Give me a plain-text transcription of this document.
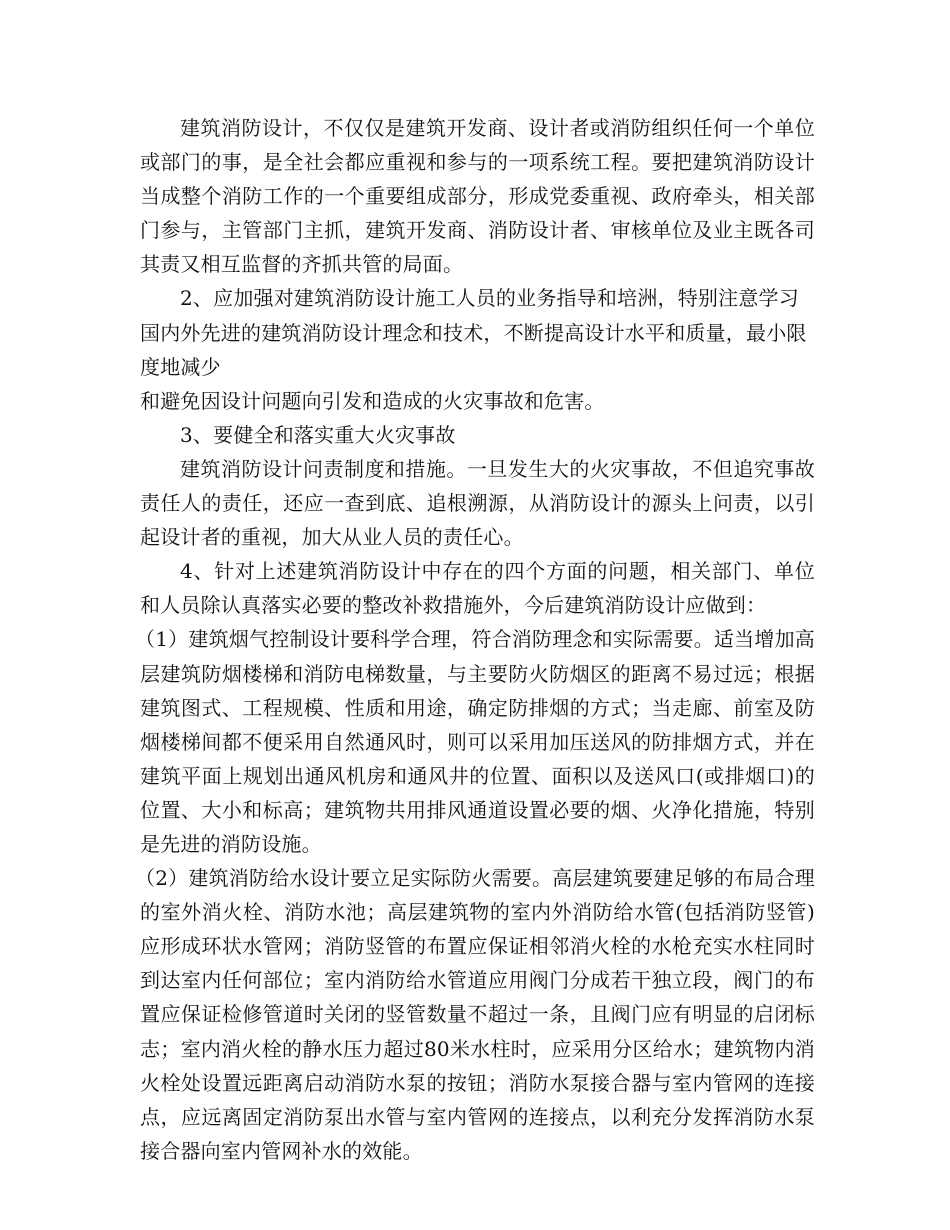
建筑消防设计，不仅仅是建筑开发商、设计者或消防组织任何一个单位或部门的事，是全社会都应重视和参与的一项系统工程。要把建筑消防设计当成整个消防工作的一个重要组成部分，形成党委重视、政府牵头，相关部门参与，主管部门主抓，建筑开发商、消防设计者、审核单位及业主既各司其责又相互监督的齐抓共管的局面。

2、应加强对建筑消防设计施工人员的业务指导和培洲，特别注意学习国内外先进的建筑消防设计理念和技术，不断提高设计水平和质量，最小限度地减少

和避免因设计问题向引发和造成的火灾事故和危害。

3、要健全和落实重大火灾事故

建筑消防设计问责制度和措施。一旦发生大的火灾事故，不但追究事故责任人的责任，还应一查到底、追根溯源，从消防设计的源头上问责，以引起设计者的重视，加大从业人员的责任心。

4、针对上述建筑消防设计中存在的四个方面的问题，相关部门、单位和人员除认真落实必要的整改补救措施外，今后建筑消防设计应做到：

（1）建筑烟气控制设计要科学合理，符合消防理念和实际需要。适当增加高层建筑防烟楼梯和消防电梯数量，与主要防火防烟区的距离不易过远；根据建筑图式、工程规模、性质和用途，确定防排烟的方式；当走廊、前室及防烟楼梯间都不便采用自然通风时，则可以采用加压送风的防排烟方式，并在建筑平面上规划出通风机房和通风井的位置、面积以及送风口(或排烟口)的位置、大小和标高；建筑物共用排风通道设置必要的烟、火净化措施，特别是先进的消防设施。

（2）建筑消防给水设计要立足实际防火需要。高层建筑要建足够的布局合理的室外消火栓、消防水池；高层建筑物的室内外消防给水管(包括消防竖管)应形成环状水管网；消防竖管的布置应保证相邻消火栓的水枪充实水柱同时到达室内任何部位；室内消防给水管道应用阀门分成若干独立段，阀门的布置应保证检修管道时关闭的竖管数量不超过一条，且阀门应有明显的启闭标志；室内消火栓的静水压力超过80米水柱时，应采用分区给水；建筑物内消火栓处设置远距离启动消防水泵的按钮；消防水泵接合器与室内管网的连接点，应远离固定消防泵出水管与室内管网的连接点，以利充分发挥消防水泵接合器向室内管网补水的效能。
